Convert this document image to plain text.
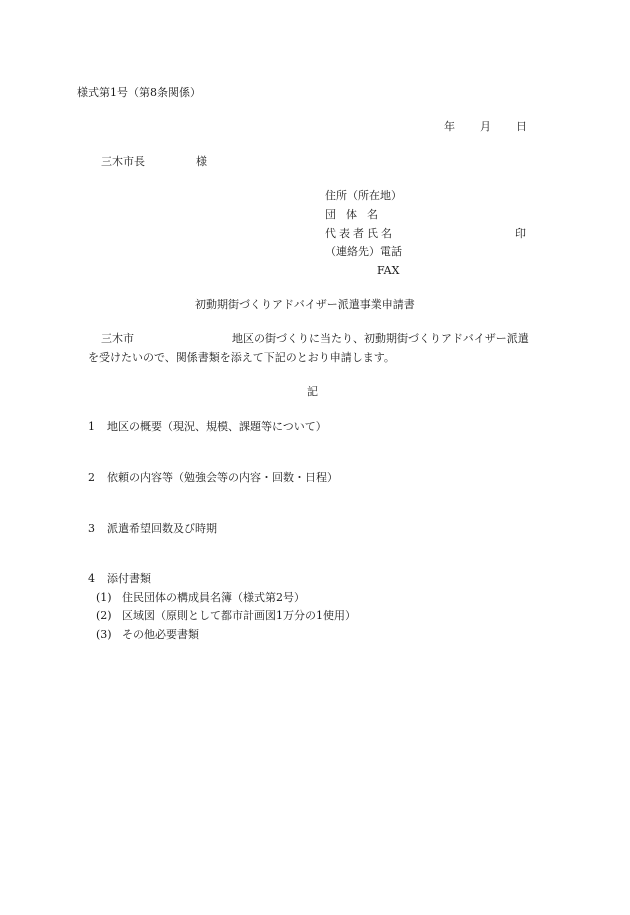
様式第1号（第8条関係）
年 月 日
三木市長	様
住所（所在地）
団体名
代表者氏名	印
（連絡先）電話
FAX
初動期街づくりアドバイザー派遣事業申請書
三木市	地区の街づくりに当たり、初動期街づくりアドバイザー派遣
を受けたいので、関係書類を添えて下記のとおり申請します。
記
1 地区の概要（現況、規模、課題等について）
2 依頼の内容等（勉強会等の内容・回数・日程）
3 派遣希望回数及び時期
4 添付書類
(1) 住民団体の構成員名簿（様式第2号）
(2) 区域図（原則として都市計画図1万分の1使用）
(3) その他必要書類
